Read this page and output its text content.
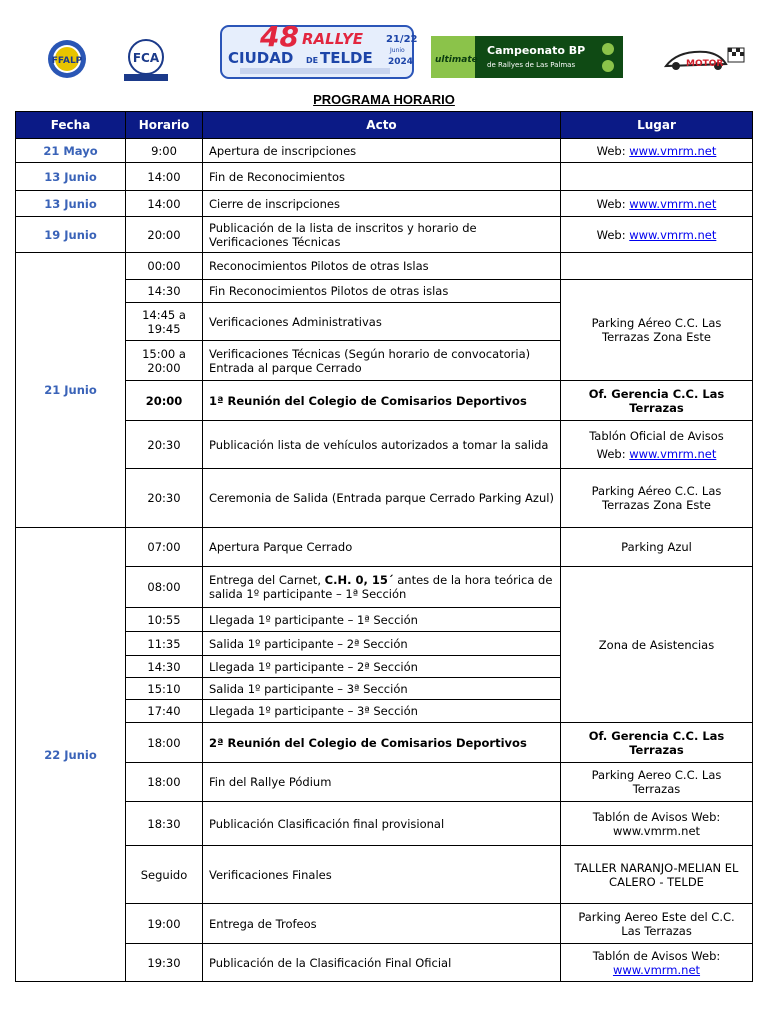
FFALP	FCA
48 RALLYE
CIUDAD DE TELDE
21/22
Junio
2024 ultimate
Campeonato BP
de Rallyes de Las Palmas	MOTOR
PROGRAMA HORARIO
Fecha	Horario	Acto	Lugar
21 Mayo	9:00	Apertura de inscripciones	Web: www.vmrm.net
13 Junio	14:00	Fin de Reconocimientos	
13 Junio	14:00	Cierre de inscripciones	Web: www.vmrm.net
19 Junio	20:00	Publicación de la lista de inscritos y horario de Verificaciones Técnicas	Web: www.vmrm.net
21 Junio	00:00	Reconocimientos Pilotos de otras Islas	
	14:30	Fin Reconocimientos Pilotos de otras islas	Parking Aéreo C.C. Las Terrazas Zona Este
	14:45 a 19:45	Verificaciones Administrativas	
	15:00 a 20:00	Verificaciones Técnicas (Según horario de convocatoria) Entrada al parque Cerrado	
	20:00	1ª Reunión del Colegio de Comisarios Deportivos	Of. Gerencia C.C. Las Terrazas
	20:30	Publicación lista de vehículos autorizados a tomar la salida	Tablón Oficial de Avisos
Web: www.vmrm.net

	20:30	Ceremonia de Salida (Entrada parque Cerrado Parking Azul)	Parking Aéreo C.C. Las Terrazas Zona Este
22 Junio	07:00	Apertura Parque Cerrado	Parking Azul
	08:00	Entrega del Carnet, C.H. 0, 15´ antes de la hora teórica de salida 1º participante – 1ª Sección	Zona de Asistencias
	10:55	Llegada 1º participante – 1ª Sección	
	11:35	Salida 1º participante – 2ª Sección	
	14:30	Llegada 1º participante – 2ª Sección	
	15:10	Salida 1º participante – 3ª Sección	
	17:40	Llegada 1º participante – 3ª Sección	
	18:00	2ª Reunión del Colegio de Comisarios Deportivos	Of. Gerencia C.C. Las Terrazas
	18:00	Fin del Rallye Pódium	Parking Aereo C.C. Las Terrazas
	18:30	Publicación Clasificación final provisional	Tablón de Avisos Web: www.vmrm.net
	Seguido	Verificaciones Finales	TALLER NARANJO-MELIAN EL CALERO - TELDE
	19:00	Entrega de Trofeos	Parking Aereo Este del C.C. Las Terrazas
	19:30	Publicación de la Clasificación Final Oficial	Tablón de Avisos Web:
www.vmrm.net
